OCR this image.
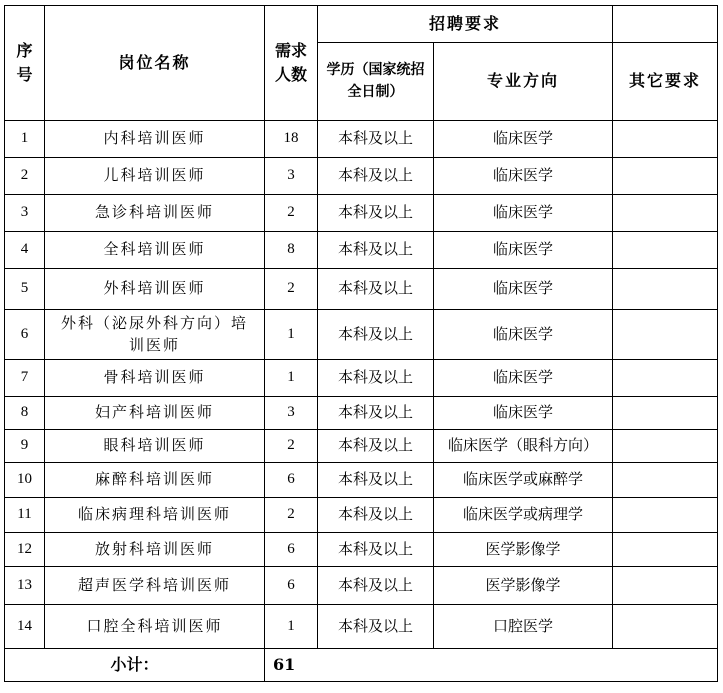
序号	岗位名称	需求人数	招聘要求		
			学历（国家统招全日制）	专业方向	其它要求
1	内科培训医师	18	本科及以上	临床医学	
2	儿科培训医师	3	本科及以上	临床医学	
3	急诊科培训医师	2	本科及以上	临床医学	
4	全科培训医师	8	本科及以上	临床医学	
5	外科培训医师	2	本科及以上	临床医学	
6	外科（泌尿外科方向）培训医师	1	本科及以上	临床医学	
7	骨科培训医师	1	本科及以上	临床医学	
8	妇产科培训医师	3	本科及以上	临床医学	
9	眼科培训医师	2	本科及以上	临床医学（眼科方向）	
10	麻醉科培训医师	6	本科及以上	临床医学或麻醉学	
11	临床病理科培训医师	2	本科及以上	临床医学或病理学	
12	放射科培训医师	6	本科及以上	医学影像学	
13	超声医学科培训医师	6	本科及以上	医学影像学	
14	口腔全科培训医师	1	本科及以上	口腔医学	
小计：		61			
